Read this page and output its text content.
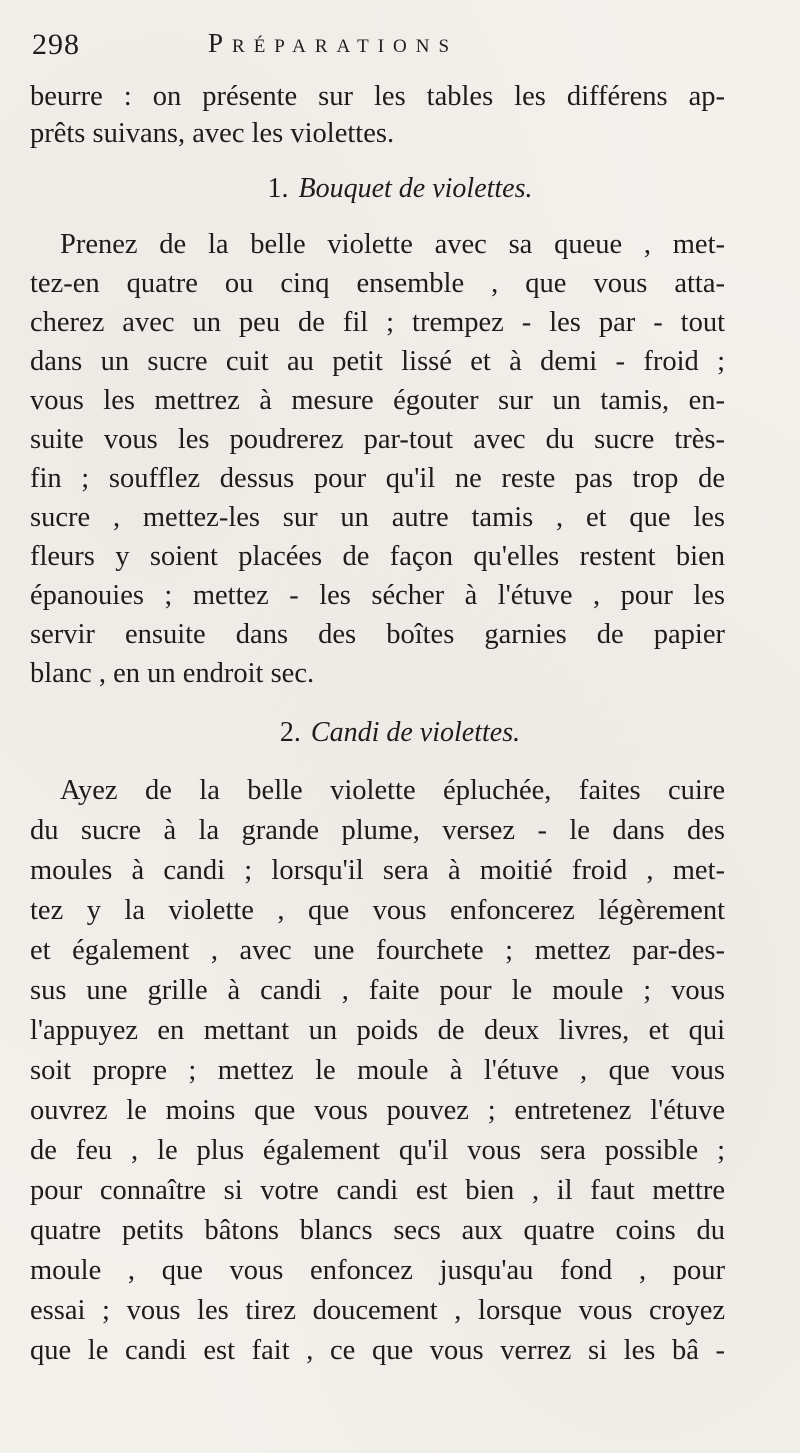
298	Préparations
beurre : on présente sur les tables les différens ap-
prêts suivans, avec les violettes.
1. Bouquet de violettes.
Prenez de la belle violette avec sa queue , met-
tez-en quatre ou cinq ensemble , que vous atta-
cherez avec un peu de fil ; trempez - les par - tout
dans un sucre cuit au petit lissé et à demi - froid ;
vous les mettrez à mesure égouter sur un tamis, en-
suite vous les poudrerez par-tout avec du sucre très-
fin ; soufflez dessus pour qu'il ne reste pas trop de
sucre , mettez-les sur un autre tamis , et que les
fleurs y soient placées de façon qu'elles restent bien
épanouies ; mettez - les sécher à l'étuve , pour les
servir ensuite dans des boîtes garnies de papier
blanc , en un endroit sec.
2. Candi de violettes.
Ayez de la belle violette épluchée, faites cuire
du sucre à la grande plume, versez - le dans des
moules à candi ; lorsqu'il sera à moitié froid , met-
tez y la violette , que vous enfoncerez légèrement
et également , avec une fourchete ; mettez par-des-
sus une grille à candi , faite pour le moule ; vous
l'appuyez en mettant un poids de deux livres, et qui
soit propre ; mettez le moule à l'étuve , que vous
ouvrez le moins que vous pouvez ; entretenez l'étuve
de feu , le plus également qu'il vous sera possible ;
pour connaître si votre candi est bien , il faut mettre
quatre petits bâtons blancs secs aux quatre coins du
moule , que vous enfoncez jusqu'au fond , pour
essai ; vous les tirez doucement , lorsque vous croyez
que le candi est fait , ce que vous verrez si les bâ -
